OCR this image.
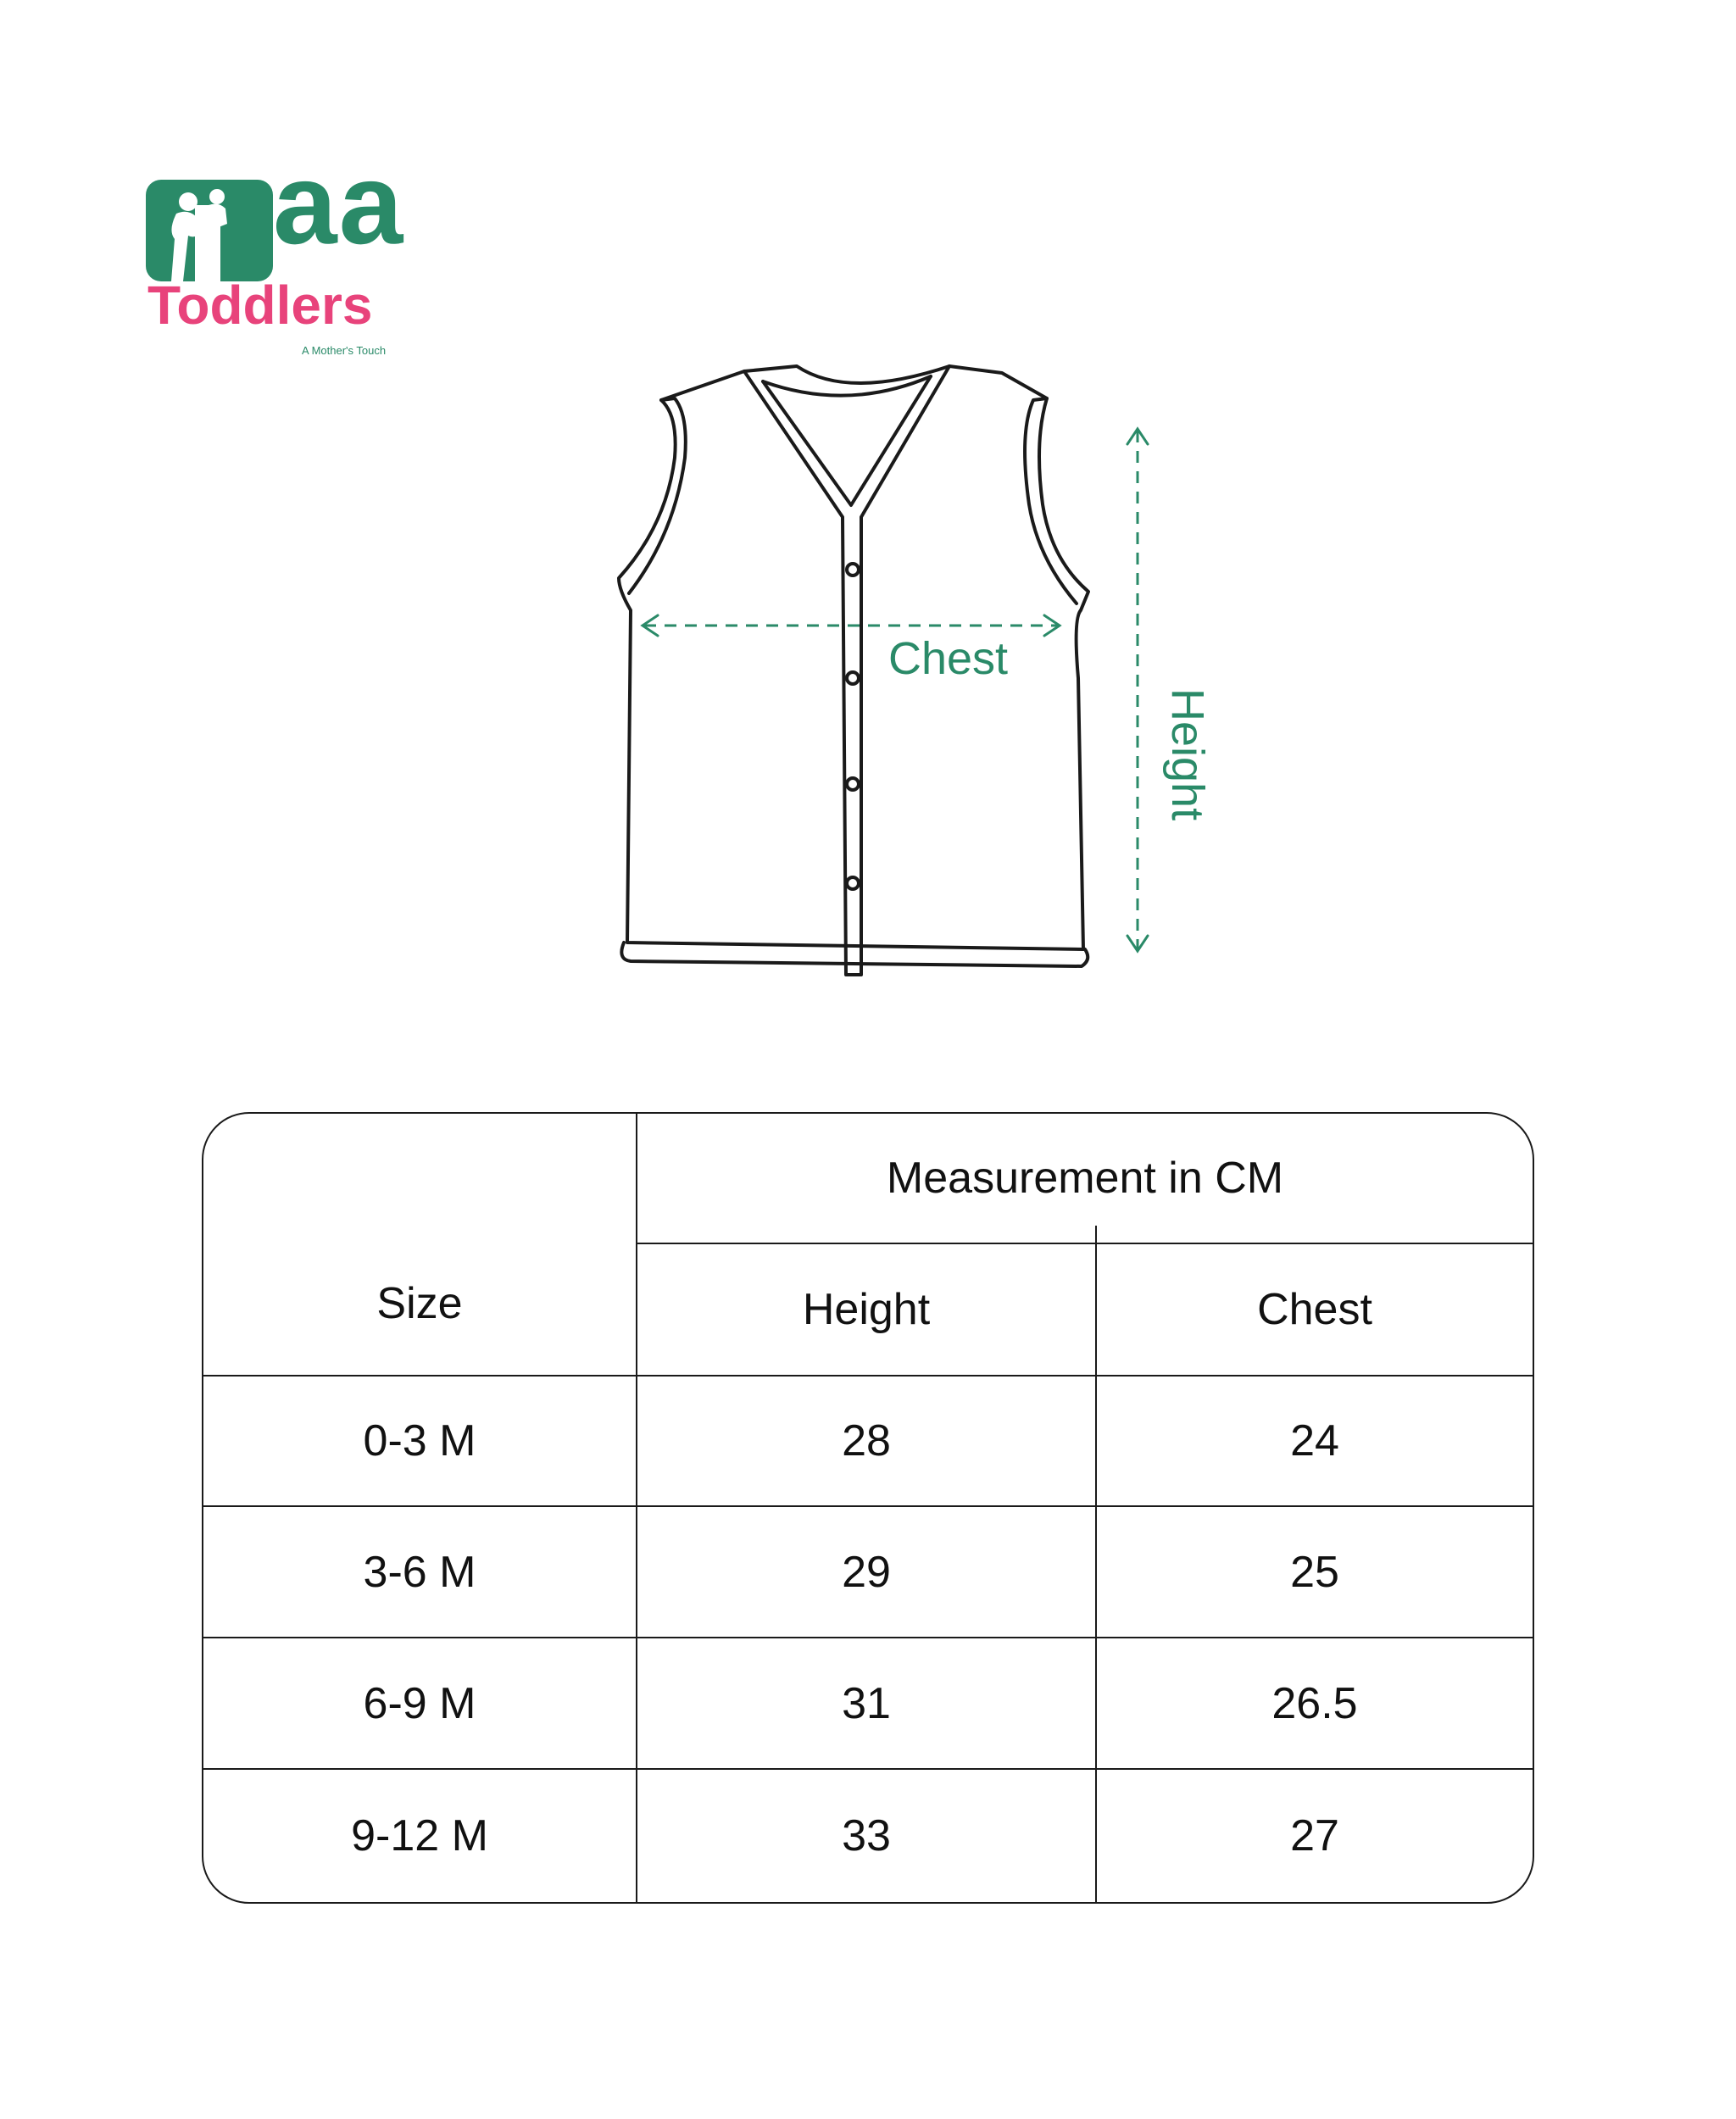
aa
Toddlers
A Mother's Touch
Chest
Height
Measurement in CM
Size	Height	Chest
0-3 M	28	24
3-6 M	29	25
6-9 M	31	26.5
9-12 M	33	27
